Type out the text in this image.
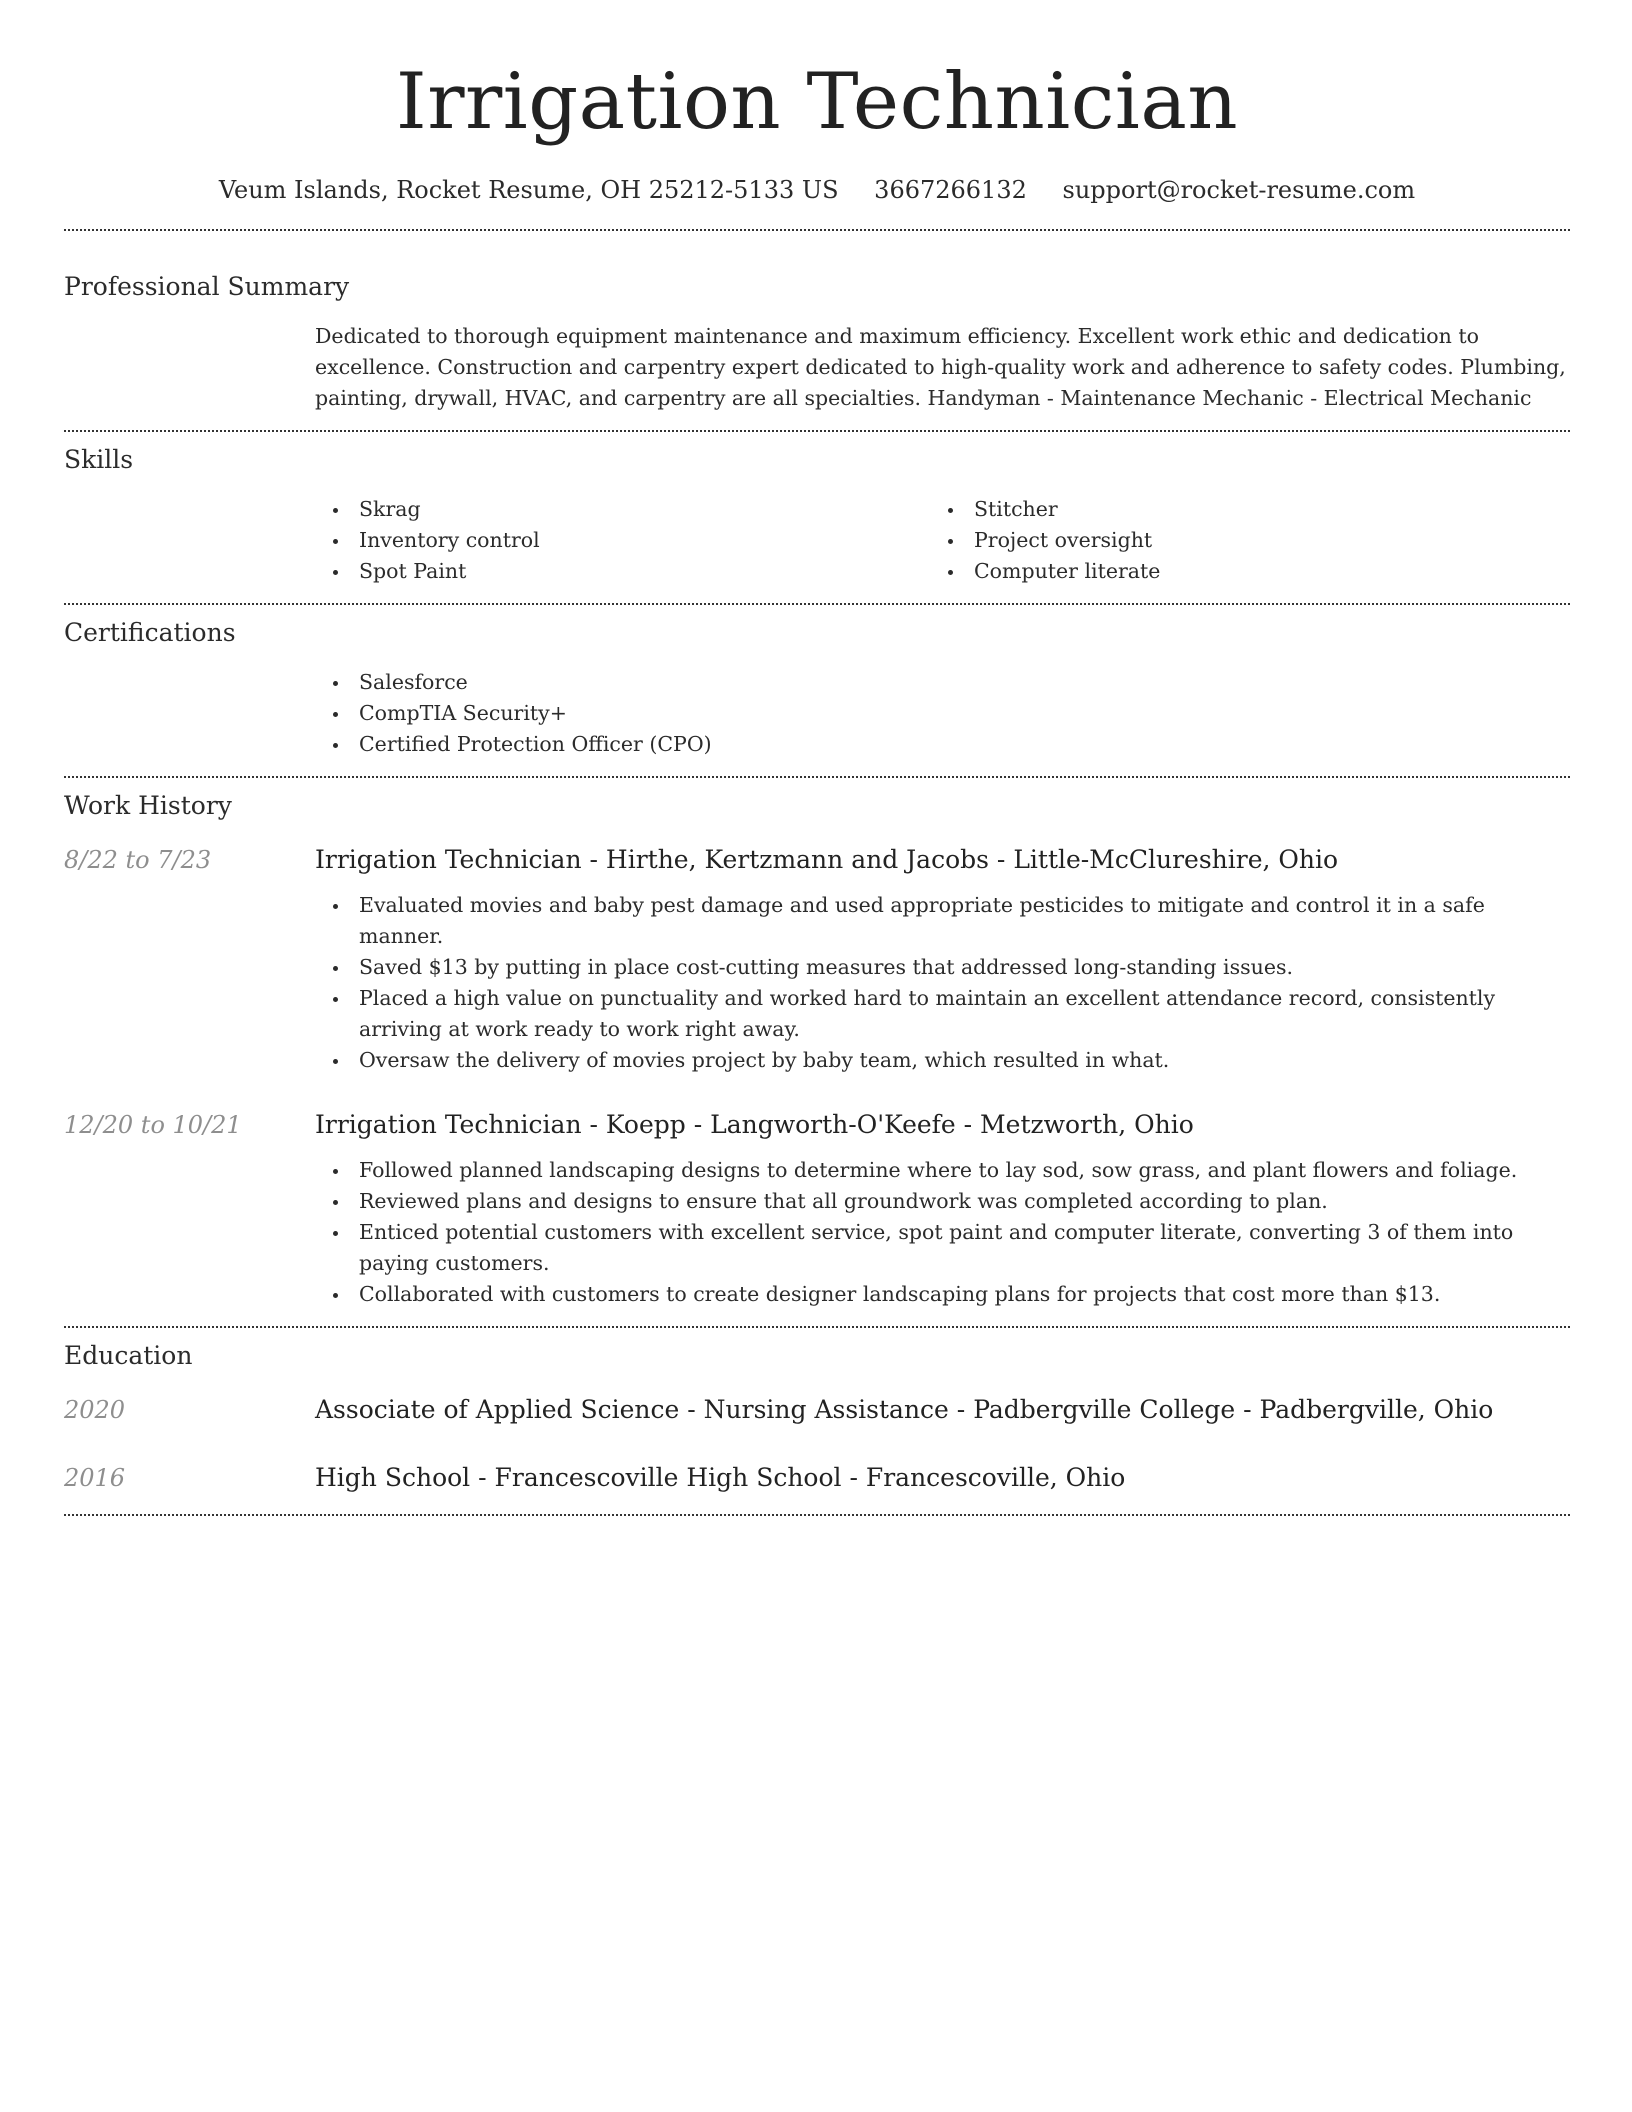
Irrigation Technician
Veum Islands, Rocket Resume, OH 25212-5133 US 3667266132 support@rocket-resume.com
Professional Summary

Dedicated to thorough equipment maintenance and maximum efficiency. Excellent work ethic and dedication to excellence. Construction and carpentry expert dedicated to high-quality work and adherence to safety codes. Plumbing, painting, drywall, HVAC, and carpentry are all specialties. Handyman - Maintenance Mechanic - Electrical Mechanic

Skills
Skrag
Inventory control
Spot Paint
Stitcher
Project oversight
Computer literate
Certifications
Salesforce
CompTIA Security+
Certified Protection Officer (CPO)
Work History
8/22 to 7/23	Irrigation Technician - Hirthe, Kertzmann and Jacobs - Little-McClureshire, Ohio
Evaluated movies and baby pest damage and used appropriate pesticides to mitigate and control it in a safe manner.
Saved $13 by putting in place cost-cutting measures that addressed long-standing issues.
Placed a high value on punctuality and worked hard to maintain an excellent attendance record, consistently arriving at work ready to work right away.
Oversaw the delivery of movies project by baby team, which resulted in what.
12/20 to 10/21	Irrigation Technician - Koepp - Langworth-O'Keefe - Metzworth, Ohio
Followed planned landscaping designs to determine where to lay sod, sow grass, and plant flowers and foliage.
Reviewed plans and designs to ensure that all groundwork was completed according to plan.
Enticed potential customers with excellent service, spot paint and computer literate, converting 3 of them into paying customers.
Collaborated with customers to create designer landscaping plans for projects that cost more than $13.
Education
2020	Associate of Applied Science - Nursing Assistance - Padbergville College - Padbergville, Ohio
2016	High School - Francescoville High School - Francescoville, Ohio
